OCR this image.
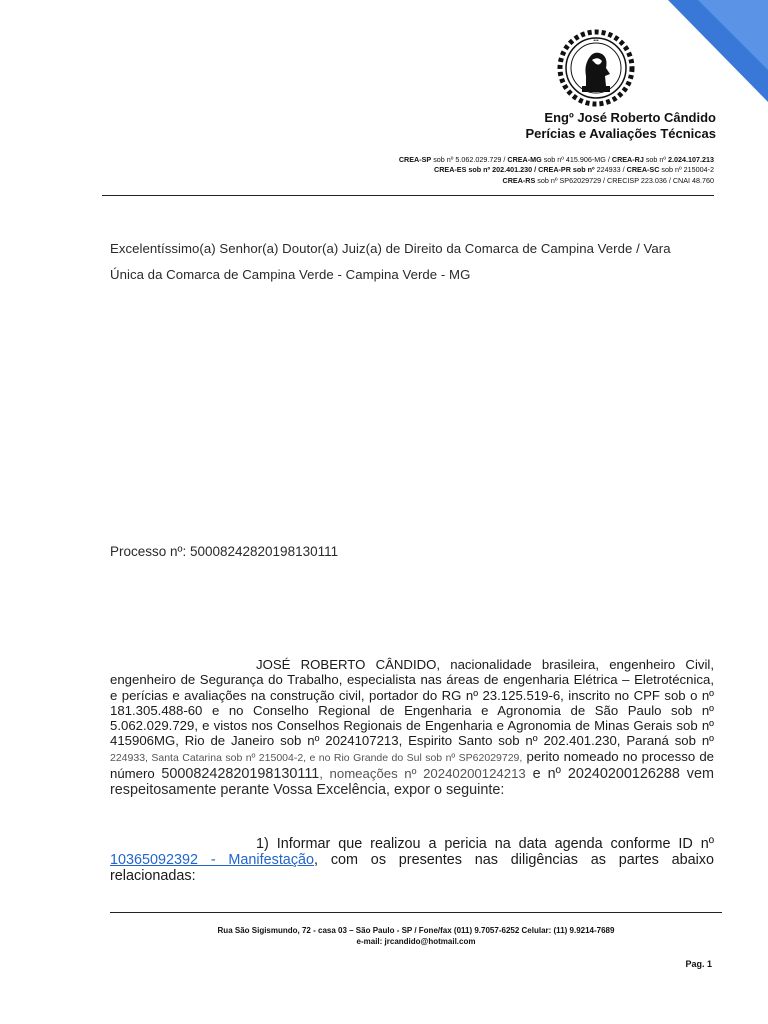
•••
Engº José Roberto Cândido
Perícias e Avaliações Técnicas
CREA-SP sob nº 5.062.029.729 / CREA-MG sob nº 415.906-MG / CREA-RJ sob nº 2.024.107.213
CREA-ES sob nº 202.401.230 / CREA-PR sob nº 224933 / CREA-SC sob nº 215004-2
CREA-RS sob nº SP62029729 / CRECISP 223.036 / CNAI 48.760
Excelentíssimo(a) Senhor(a) Doutor(a) Juiz(a) de Direito da Comarca de Campina Verde / Vara
Única da Comarca de Campina Verde - Campina Verde - MG
Processo nº: 50008242820198130111
JOSÉ ROBERTO CÂNDIDO, nacionalidade brasileira, engenheiro Civil, engenheiro de Segurança do Trabalho, especialista nas áreas de engenharia Elétrica – Eletrotécnica, e perícias e avaliações na construção civil, portador do RG nº 23.125.519-6, inscrito no CPF sob o nº 181.305.488-60 e no Conselho Regional de Engenharia e Agronomia de São Paulo sob nº 5.062.029.729, e vistos nos Conselhos Regionais de Engenharia e Agronomia de Minas Gerais sob nº 415906MG, Rio de Janeiro sob nº 2024107213, Espirito Santo sob nº 202.401.230, Paraná sob nº 224933, Santa Catarina sob nº 215004-2, e no Rio Grande do Sul sob nº SP62029729, perito nomeado no processo de número 50008242820198130111, nomeações nº 20240200124213 e nº 20240200126288 vem respeitosamente perante Vossa Excelência, expor o seguinte:
1) Informar que realizou a pericia na data agenda conforme ID nº 10365092392 - Manifestação, com os presentes nas diligências as partes abaixo relacionadas:
Rua São Sigismundo, 72 - casa 03 – São Paulo - SP / Fone/fax (011) 9.7057-6252 Celular: (11) 9.9214-7689
e-mail: jrcandido@hotmail.com
Pag. 1
